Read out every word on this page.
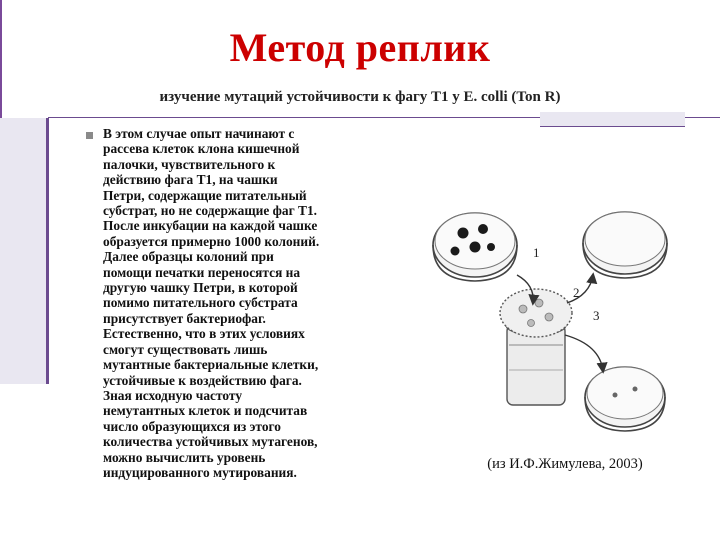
Метод реплик
изучение мутаций устойчивости к фагу T1 у E. colli (Ton R)
В этом случае опыт начинают с
рассева клеток клона кишечной
палочки, чувствительного к
действию фага T1, на чашки
Петри, содержащие питательный
субстрат, но не содержащие фаг T1.
После инкубации на каждой чашке
образуется примерно 1000 колоний.
Далее образцы колоний при
помощи печатки переносятся на
другую чашку Петри, в которой
помимо питательного субстрата
присутствует бактериофаг.
Естественно, что в этих условиях
смогут существовать лишь
мутантные бактериальные клетки,
устойчивые к воздействию фага.
Зная исходную частоту
немутантных клеток и подсчитав
число образующихся из этого
количества устойчивых мутагенов,
можно вычислить уровень
индуцированного мутирования.
1
2
3
(из И.Ф.Жимулева, 2003)
